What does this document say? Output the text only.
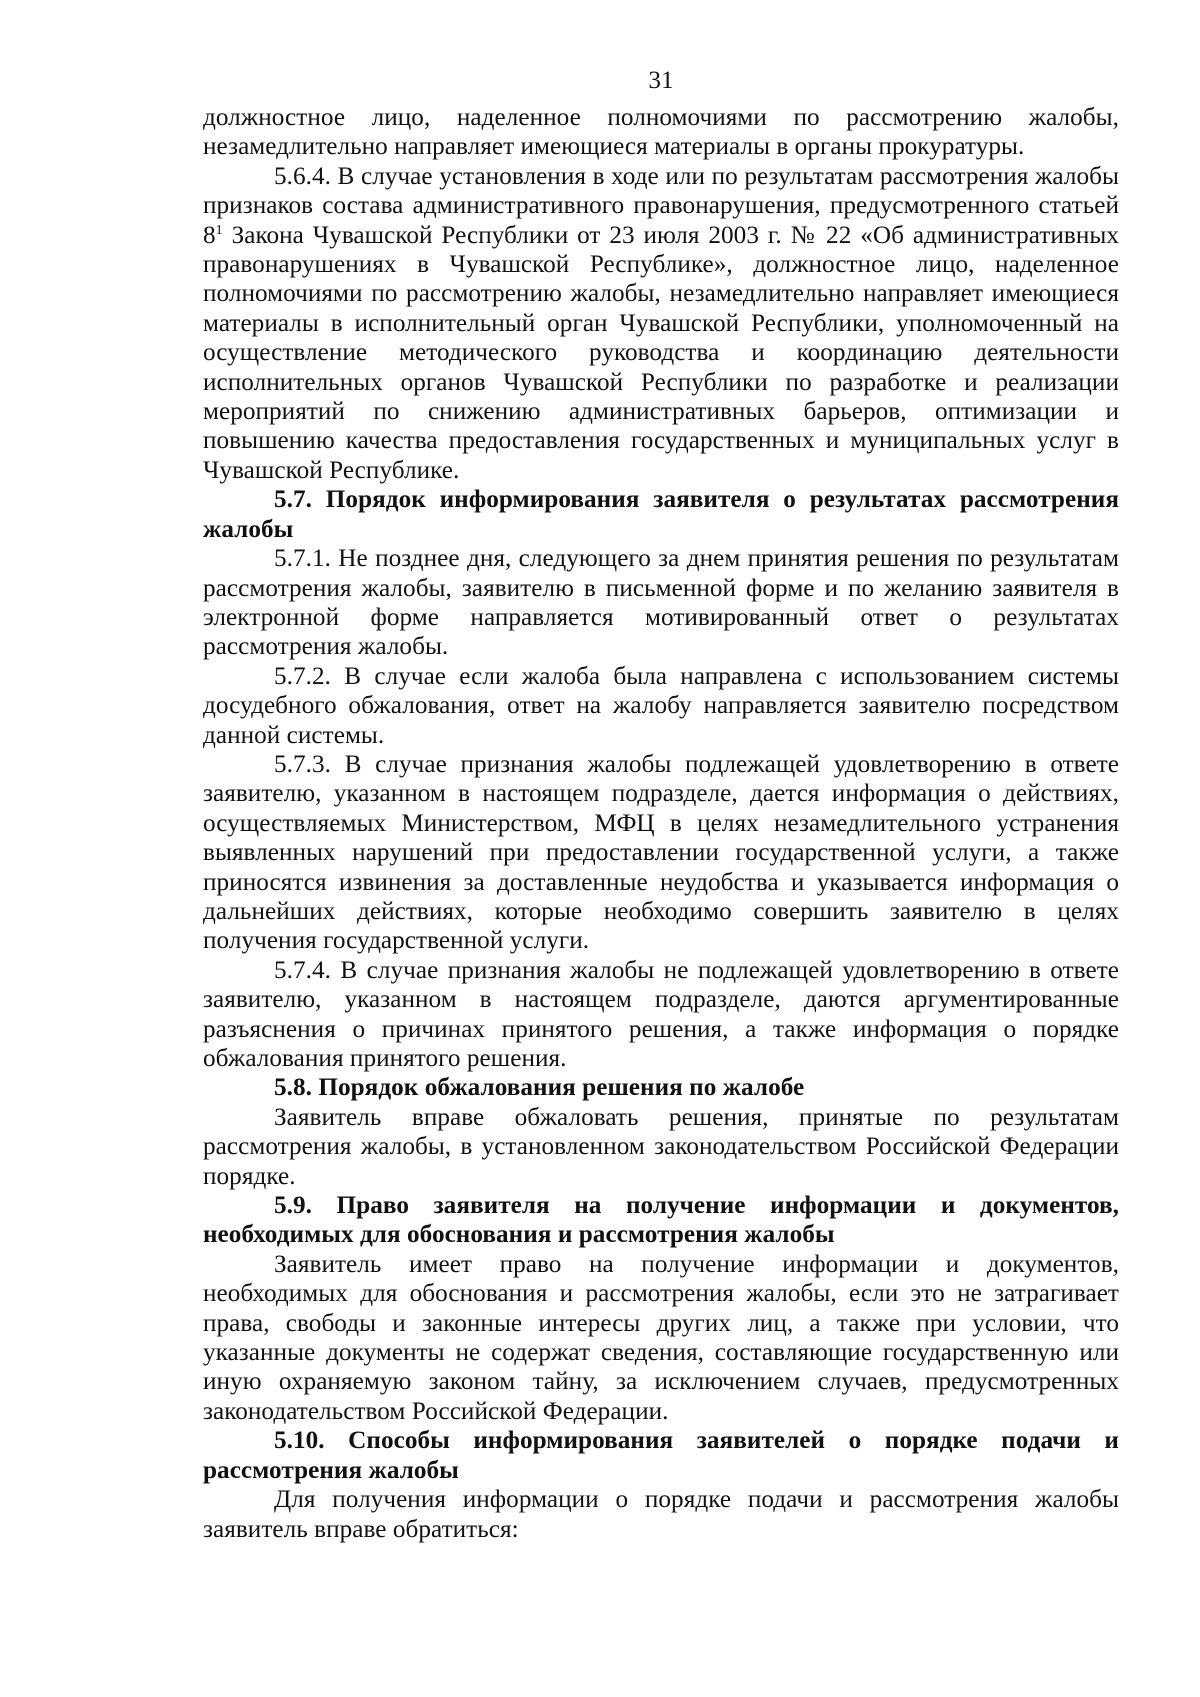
31

должностное лицо, наделенное полномочиями по рассмотрению жалобы, незамедлительно направляет имеющиеся материалы в органы прокуратуры.

5.6.4. В случае установления в ходе или по результатам рассмотрения жалобы признаков состава административного правонарушения, предусмотренного статьей $8^1$ Закона Чувашской Республики от 23 июля 2003 г. № 22 «Об административных правонарушениях в Чувашской Республике», должностное лицо, наделенное полномочиями по рассмотрению жалобы, незамедлительно направляет имеющиеся материалы в исполнительный орган Чувашской Республики, уполномоченный на осуществление методического руководства и координацию деятельности исполнительных органов Чувашской Республики по разработке и реализации мероприятий по снижению административных барьеров, оптимизации и повышению качества предоставления государственных и муниципальных услуг в Чувашской Республике.

5.7. Порядок информирования заявителя о результатах рассмотрения жалобы

5.7.1. Не позднее дня, следующего за днем принятия решения по результатам рассмотрения жалобы, заявителю в письменной форме и по желанию заявителя в электронной форме направляется мотивированный ответ о результатах рассмотрения жалобы.

5.7.2. В случае если жалоба была направлена с использованием системы досудебного обжалования, ответ на жалобу направляется заявителю посредством данной системы.

5.7.3. В случае признания жалобы подлежащей удовлетворению в ответе заявителю, указанном в настоящем подразделе, дается информация о действиях, осуществляемых Министерством, МФЦ в целях незамедлительного устранения выявленных нарушений при предоставлении государственной услуги, а также приносятся извинения за доставленные неудобства и указывается информация о дальнейших действиях, которые необходимо совершить заявителю в целях получения государственной услуги.

5.7.4. В случае признания жалобы не подлежащей удовлетворению в ответе заявителю, указанном в настоящем подразделе, даются аргументированные разъяснения о причинах принятого решения, а также информация о порядке обжалования принятого решения.

5.8. Порядок обжалования решения по жалобе

Заявитель вправе обжаловать решения, принятые по результатам рассмотрения жалобы, в установленном законодательством Российской Федерации порядке.

5.9. Право заявителя на получение информации и документов, необходимых для обоснования и рассмотрения жалобы

Заявитель имеет право на получение информации и документов, необходимых для обоснования и рассмотрения жалобы, если это не затрагивает права, свободы и законные интересы других лиц, а также при условии, что указанные документы не содержат сведения, составляющие государственную или иную охраняемую законом тайну, за исключением случаев, предусмотренных законодательством Российской Федерации.

5.10. Способы информирования заявителей о порядке подачи и рассмотрения жалобы

Для получения информации о порядке подачи и рассмотрения жалобы заявитель вправе обратиться:
